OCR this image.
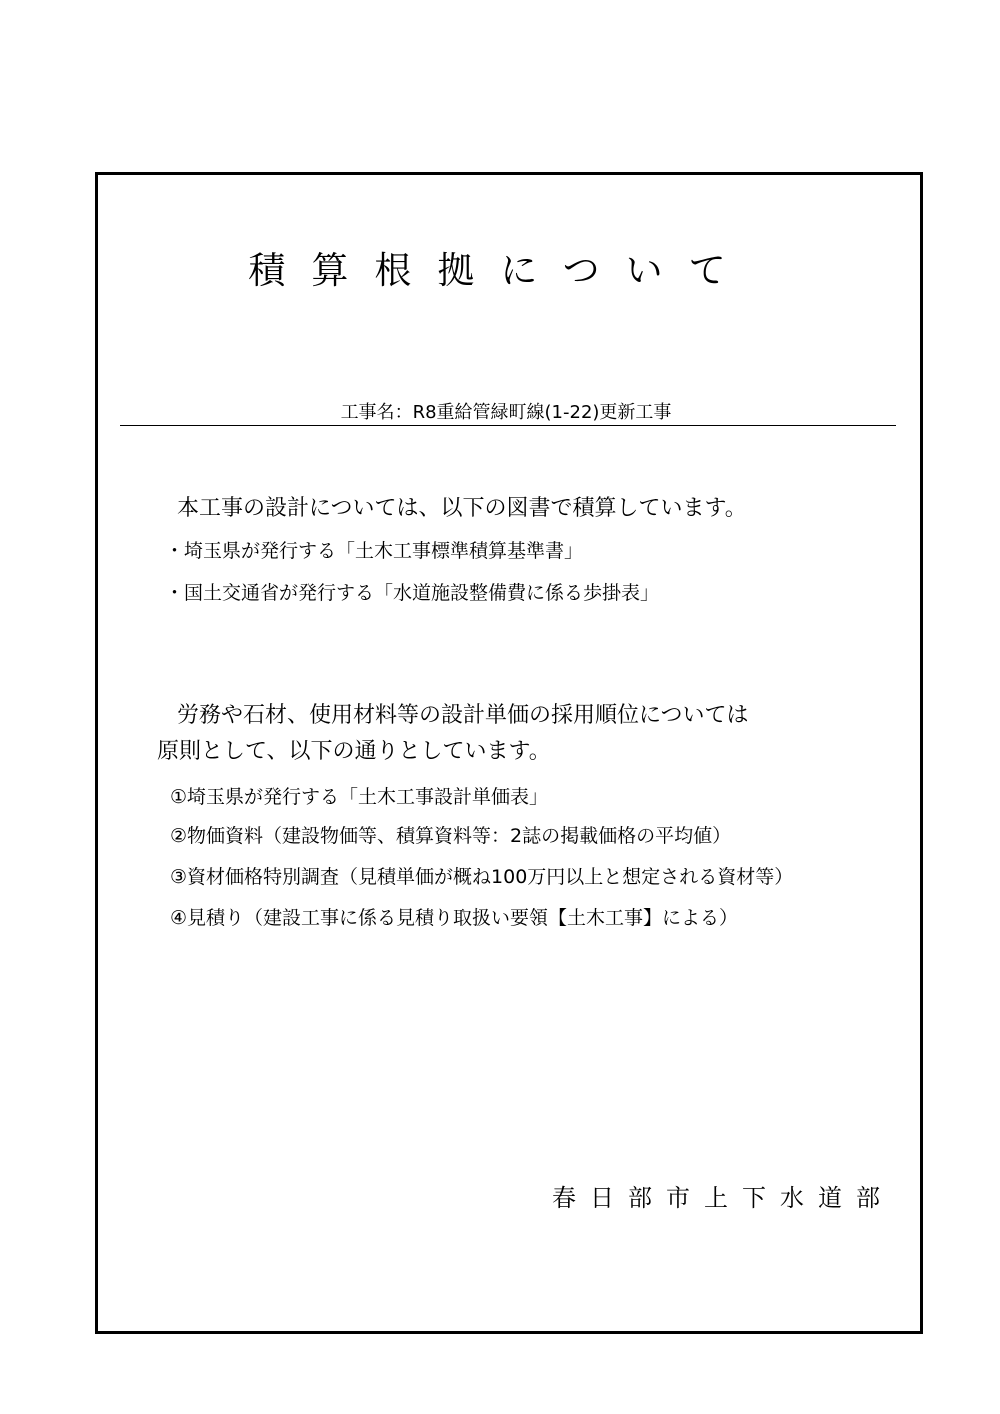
積算根拠について
工事名：R8重給管緑町線(1-22)更新工事
本工事の設計については、以下の図書で積算しています。
・埼玉県が発行する「土木工事標準積算基準書」
・国土交通省が発行する「水道施設整備費に係る歩掛表」
労務や石材、使用材料等の設計単価の採用順位については
原則として、以下の通りとしています。
①埼玉県が発行する「土木工事設計単価表」
②物価資料（建設物価等、積算資料等：2誌の掲載価格の平均値）
③資材価格特別調査（見積単価が概ね100万円以上と想定される資材等）
④見積り（建設工事に係る見積り取扱い要領【土木工事】による）
春日部市上下水道部
